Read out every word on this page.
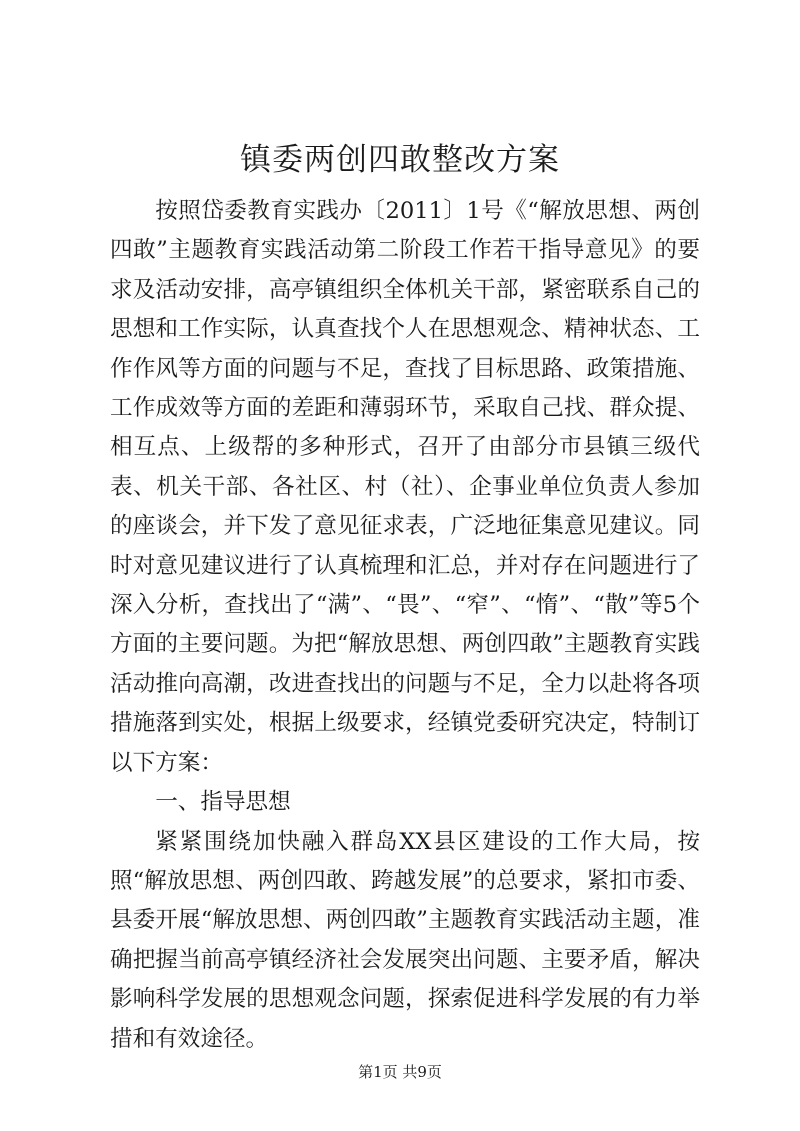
镇委两创四敢整改方案

按照岱委教育实践办〔2011〕1号《“解放思想、两创四敢”主题教育实践活动第二阶段工作若干指导意见》的要求及活动安排，高亭镇组织全体机关干部，紧密联系自己的思想和工作实际，认真查找个人在思想观念、精神状态、工作作风等方面的问题与不足，查找了目标思路、政策措施、工作成效等方面的差距和薄弱环节，采取自己找、群众提、相互点、上级帮的多种形式，召开了由部分市县镇三级代表、机关干部、各社区、村（社）、企事业单位负责人参加的座谈会，并下发了意见征求表，广泛地征集意见建议。同时对意见建议进行了认真梳理和汇总，并对存在问题进行了深入分析，查找出了“满”、“畏”、“窄”、“惰”、“散”等5个方面的主要问题。为把“解放思想、两创四敢”主题教育实践活动推向高潮，改进查找出的问题与不足，全力以赴将各项措施落到实处，根据上级要求，经镇党委研究决定，特制订以下方案：

一、指导思想

紧紧围绕加快融入群岛XX县区建设的工作大局，按照“解放思想、两创四敢、跨越发展”的总要求，紧扣市委、县委开展“解放思想、两创四敢”主题教育实践活动主题，准确把握当前高亭镇经济社会发展突出问题、主要矛盾，解决影响科学发展的思想观念问题，探索促进科学发展的有力举措和有效途径。

第1页 共9页
